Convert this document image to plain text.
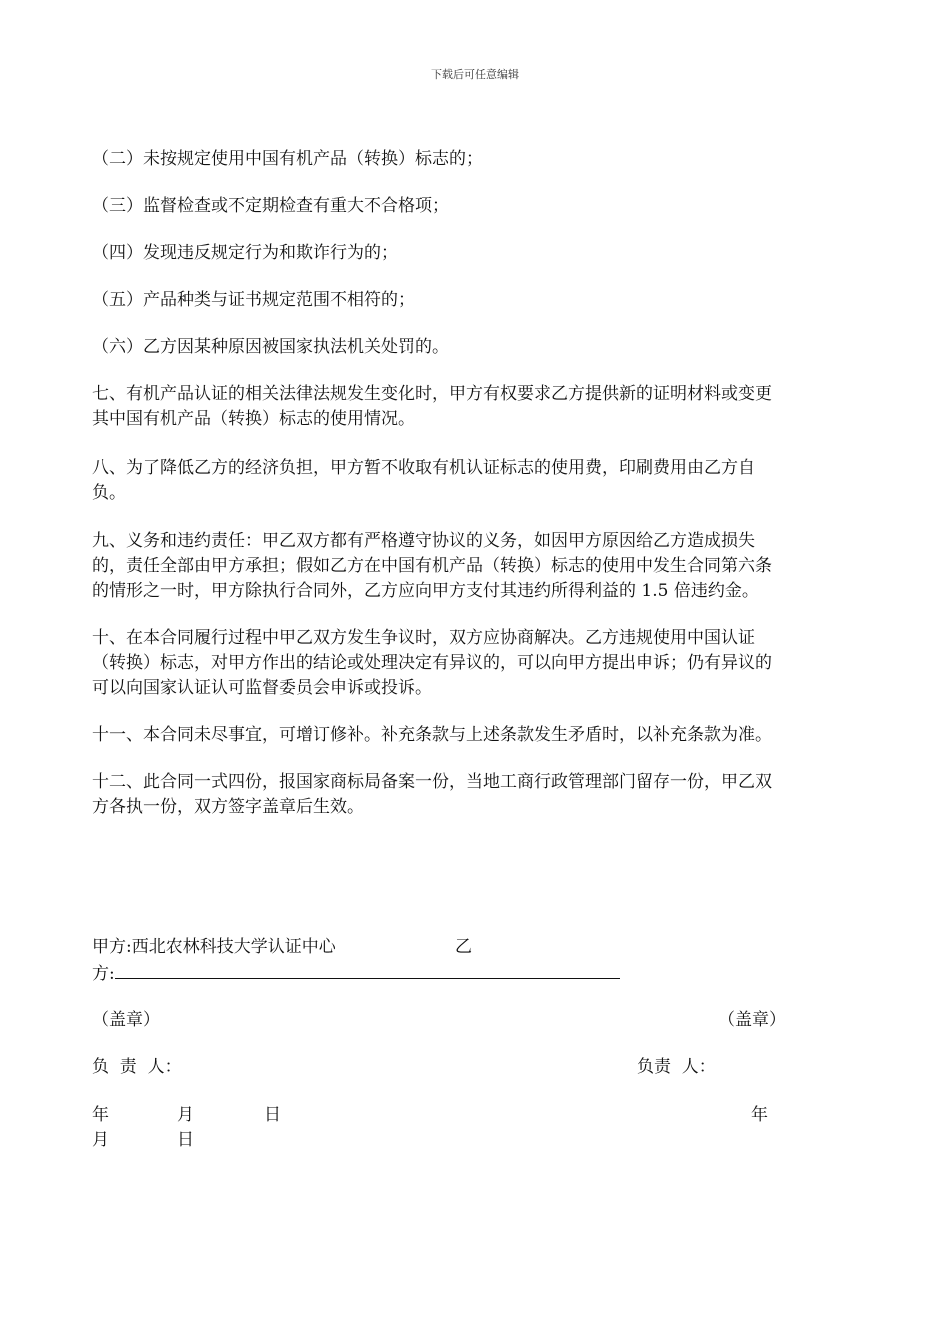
下载后可任意编辑

（二）未按规定使用中国有机产品（转换）标志的；

（三）监督检查或不定期检查有重大不合格项；

（四）发现违反规定行为和欺诈行为的；

（五）产品种类与证书规定范围不相符的；

（六）乙方因某种原因被国家执法机关处罚的。

七、有机产品认证的相关法律法规发生变化时，甲方有权要求乙方提供新的证明材料或变更

其中国有机产品（转换）标志的使用情况。

八、为了降低乙方的经济负担，甲方暂不收取有机认证标志的使用费，印刷费用由乙方自

负。

九、义务和违约责任：甲乙双方都有严格遵守协议的义务，如因甲方原因给乙方造成损失

的，责任全部由甲方承担；假如乙方在中国有机产品（转换）标志的使用中发生合同第六条

的情形之一时，甲方除执行合同外，乙方应向甲方支付其违约所得利益的 1.5 倍违约金。

十、在本合同履行过程中甲乙双方发生争议时，双方应协商解决。乙方违规使用中国认证

（转换）标志，对甲方作出的结论或处理决定有异议的，可以向甲方提出申诉；仍有异议的

可以向国家认证认可监督委员会申诉或投诉。

十一、本合同未尽事宜，可增订修补。补充条款与上述条款发生矛盾时，以补充条款为准。

十二、此合同一式四份，报国家商标局备案一份，当地工商行政管理部门留存一份，甲乙双

方各执一份，双方签字盖章后生效。

甲方:西北农林科技大学认证中心	乙
方:
（盖章）	（盖章）
负  责  人：	负责  人：
年	月	日	年
月	日
